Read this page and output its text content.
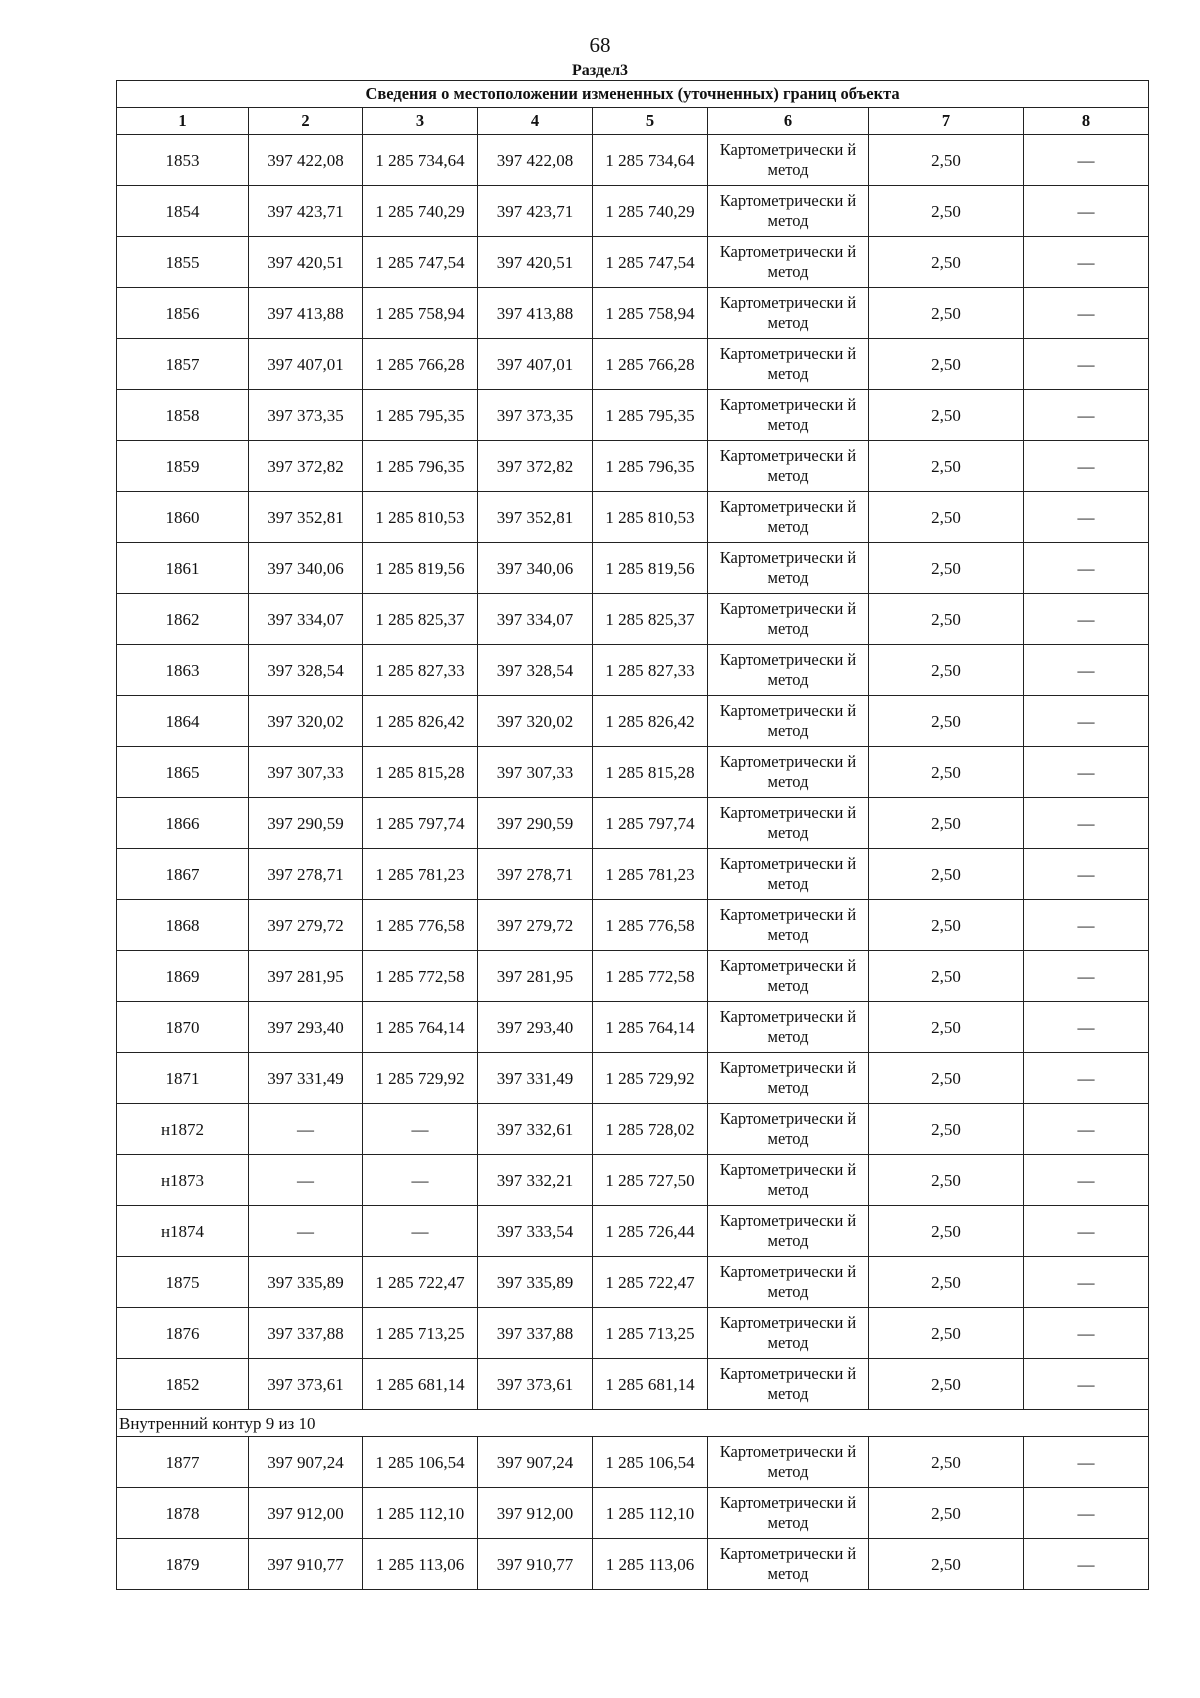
68
Раздел3
Сведения о местоположении измененных (уточненных) границ объекта							
1	2	3	4	5	6	7	8
1853	397 422,08	1 285 734,64	397 422,08	1 285 734,64	Картометрически й метод	2,50	—
1854	397 423,71	1 285 740,29	397 423,71	1 285 740,29	Картометрически й метод	2,50	—
1855	397 420,51	1 285 747,54	397 420,51	1 285 747,54	Картометрически й метод	2,50	—
1856	397 413,88	1 285 758,94	397 413,88	1 285 758,94	Картометрически й метод	2,50	—
1857	397 407,01	1 285 766,28	397 407,01	1 285 766,28	Картометрически й метод	2,50	—
1858	397 373,35	1 285 795,35	397 373,35	1 285 795,35	Картометрически й метод	2,50	—
1859	397 372,82	1 285 796,35	397 372,82	1 285 796,35	Картометрически й метод	2,50	—
1860	397 352,81	1 285 810,53	397 352,81	1 285 810,53	Картометрически й метод	2,50	—
1861	397 340,06	1 285 819,56	397 340,06	1 285 819,56	Картометрически й метод	2,50	—
1862	397 334,07	1 285 825,37	397 334,07	1 285 825,37	Картометрически й метод	2,50	—
1863	397 328,54	1 285 827,33	397 328,54	1 285 827,33	Картометрически й метод	2,50	—
1864	397 320,02	1 285 826,42	397 320,02	1 285 826,42	Картометрически й метод	2,50	—
1865	397 307,33	1 285 815,28	397 307,33	1 285 815,28	Картометрически й метод	2,50	—
1866	397 290,59	1 285 797,74	397 290,59	1 285 797,74	Картометрически й метод	2,50	—
1867	397 278,71	1 285 781,23	397 278,71	1 285 781,23	Картометрически й метод	2,50	—
1868	397 279,72	1 285 776,58	397 279,72	1 285 776,58	Картометрически й метод	2,50	—
1869	397 281,95	1 285 772,58	397 281,95	1 285 772,58	Картометрически й метод	2,50	—
1870	397 293,40	1 285 764,14	397 293,40	1 285 764,14	Картометрически й метод	2,50	—
1871	397 331,49	1 285 729,92	397 331,49	1 285 729,92	Картометрически й метод	2,50	—
н1872	—	—	397 332,61	1 285 728,02	Картометрически й метод	2,50	—
н1873	—	—	397 332,21	1 285 727,50	Картометрически й метод	2,50	—
н1874	—	—	397 333,54	1 285 726,44	Картометрически й метод	2,50	—
1875	397 335,89	1 285 722,47	397 335,89	1 285 722,47	Картометрически й метод	2,50	—
1876	397 337,88	1 285 713,25	397 337,88	1 285 713,25	Картометрически й метод	2,50	—
1852	397 373,61	1 285 681,14	397 373,61	1 285 681,14	Картометрически й метод	2,50	—
Внутренний контур 9 из 10							
1877	397 907,24	1 285 106,54	397 907,24	1 285 106,54	Картометрически й метод	2,50	—
1878	397 912,00	1 285 112,10	397 912,00	1 285 112,10	Картометрически й метод	2,50	—
1879	397 910,77	1 285 113,06	397 910,77	1 285 113,06	Картометрически й метод	2,50	—
